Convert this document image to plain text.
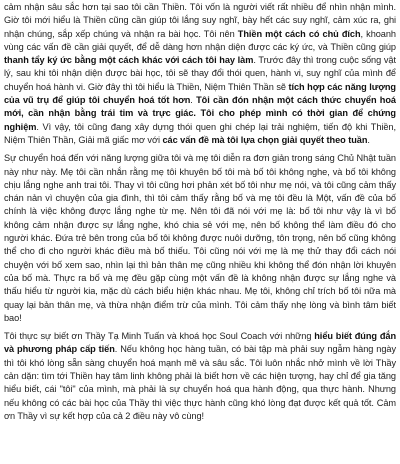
cảm nhận sâu sắc hơn tại sao tôi cần Thiền. Tôi vốn là người viết rất nhiều để nhìn nhận mình. Giờ tôi mới hiểu là Thiền cũng cần giúp tôi lắng suy nghĩ, bày hết các suy nghĩ, cảm xúc ra, ghi nhận chúng, sắp xếp chúng và nhận ra bài học. Tôi nên Thiền một cách có chủ đích, khoanh vùng các vấn đề cần giải quyết, để dễ dàng hơn nhận diện được các ký ức, và Thiền cũng giúp thanh tẩy ký ức bằng một cách khác với cách tôi hay làm. Trước đây thì trong cuộc sống vật lý, sau khi tôi nhận diện được bài học, tôi sẽ thay đổi thói quen, hành vi, suy nghĩ của mình để chuyển hoá hành vi. Giờ đây thì tôi hiểu là Thiền, Niệm Thiên Thần sẽ tích hợp các năng lượng của vũ trụ để giúp tôi chuyển hoá tốt hơn. Tôi cần đón nhận một cách thức chuyển hoá mới, cần nhận bằng trái tim và trực giác. Tôi cho phép mình có thời gian để chứng nghiệm. Vì vậy, tôi cũng đang xây dựng thói quen ghi chép lại trải nghiệm, tiến độ khi Thiền, Niệm Thiên Thần, Giải mã giấc mơ với các vấn đề mà tôi lựa chọn giải quyết theo tuần.

Sự chuyển hoá đến với năng lượng giữa tôi và mẹ tôi diễn ra đơn giản trong sáng Chủ Nhật tuần này như này. Mẹ tôi cần nhắn rằng mẹ tôi khuyên bố tôi mà bố tôi không nghe, và bố tôi không chịu lắng nghe anh trai tôi. Thay vì tôi cũng hơi phản xét bố tôi như mẹ nói, và tôi cũng cảm thấy chán nản vì chuyện của gia đình, thì tôi cảm thấy rằng bố và mẹ tôi đều là Một, vấn đề của bố chính là việc không được lắng nghe từ mẹ. Nên tôi đã nói với mẹ là: bố tôi như vậy là vì bố không cảm nhận được sự lắng nghe, khó chia sẻ với mẹ, nên bố không thể làm điều đó cho người khác. Đứa trẻ bên trong của bố tôi không được nuôi dưỡng, tôn trọng, nên bố cũng không thể cho đi cho người khác điều mà bố thiếu. Tôi cũng nói với mẹ là mẹ thử thay đổi cách nói chuyện với bố xem sao, nhìn lại thì bản thân mẹ cũng nhiều khi không thể đón nhận lời khuyên của bố mà. Thực ra bố và mẹ đều gặp cùng một vấn đề là không nhận được sự lắng nghe và thấu hiểu từ người kia, mặc dù cách biểu hiện khác nhau. Mẹ tôi, không chỉ trích bố tôi nữa mà quay lại bản thân mẹ, và thừa nhận điểm trừ của mình. Tôi cảm thấy nhẹ lòng và bình tâm biết bao!

Tôi thực sự biết ơn Thầy Tạ Minh Tuấn và khoá học Soul Coach với những hiểu biết đúng đắn và phương pháp cấp tiến. Nếu không học hàng tuần, có bài tập mà phải suy ngẫm hàng ngày thì tôi khó lòng sẵn sàng chuyển hoá mạnh mẽ và sâu sắc. Tôi luôn nhắc nhở mình về lời Thầy cản dặn: tìm tới Thiền hay tâm linh không phải là biết hơn về các hiện tượng, hay chỉ để gia tăng hiểu biết, cái "tôi" của mình, mà phải là sự chuyển hoá qua hành động, qua thực hành. Nhưng nếu không có các bài học của Thầy thì việc thực hành cũng khó lòng đạt được kết quả tốt. Cảm ơn Thầy vì sự kết hợp của cả 2 điều này vô cùng!
